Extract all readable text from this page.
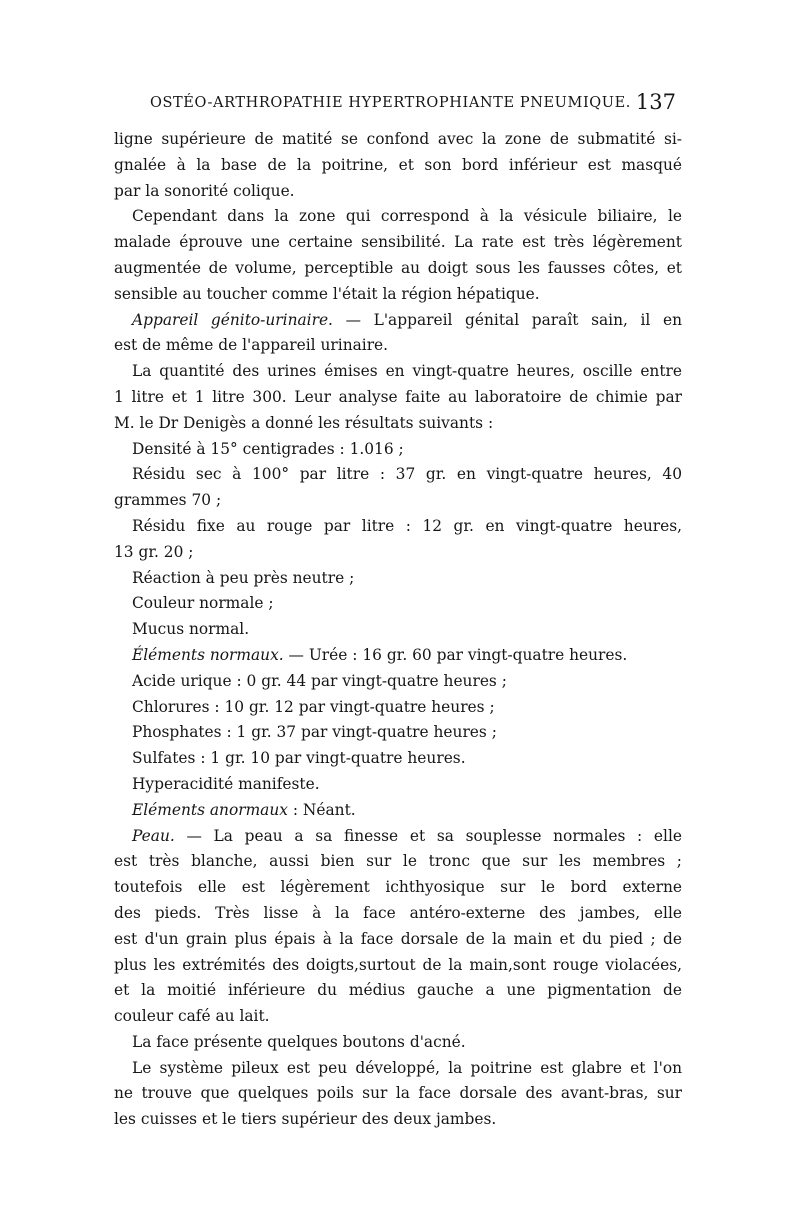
OSTÉO-ARTHROPATHIE HYPERTROPHIANTE PNEUMIQUE. 137
ligne supérieure de matité se confond avec la zone de submatité si-
gnalée à la base de la poitrine, et son bord inférieur est masqué
par la sonorité colique.
Cependant dans la zone qui correspond à la vésicule biliaire, le
malade éprouve une certaine sensibilité. La rate est très légèrement
augmentée de volume, perceptible au doigt sous les fausses côtes, et
sensible au toucher comme l'était la région hépatique.
Appareil génito-urinaire. — L'appareil génital paraît sain, il en
est de même de l'appareil urinaire.
La quantité des urines émises en vingt-quatre heures, oscille entre
1 litre et 1 litre 300. Leur analyse faite au laboratoire de chimie par
M. le Dr Denigès a donné les résultats suivants :
Densité à 15° centigrades : 1.016 ;
Résidu sec à 100° par litre : 37 gr. en vingt-quatre heures, 40
grammes 70 ;
Résidu fixe au rouge par litre : 12 gr. en vingt-quatre heures,
13 gr. 20 ;
Réaction à peu près neutre ;
Couleur normale ;
Mucus normal.
Éléments normaux. — Urée : 16 gr. 60 par vingt-quatre heures.
Acide urique : 0 gr. 44 par vingt-quatre heures ;
Chlorures : 10 gr. 12 par vingt-quatre heures ;
Phosphates : 1 gr. 37 par vingt-quatre heures ;
Sulfates : 1 gr. 10 par vingt-quatre heures.
Hyperacidité manifeste.
Eléments anormaux : Néant.
Peau. — La peau a sa finesse et sa souplesse normales : elle
est très blanche, aussi bien sur le tronc que sur les membres ;
toutefois elle est légèrement ichthyosique sur le bord externe
des pieds. Très lisse à la face antéro-externe des jambes, elle
est d'un grain plus épais à la face dorsale de la main et du pied ; de
plus les extrémités des doigts,surtout de la main,sont rouge violacées,
et la moitié inférieure du médius gauche a une pigmentation de
couleur café au lait.
La face présente quelques boutons d'acné.
Le système pileux est peu développé, la poitrine est glabre et l'on
ne trouve que quelques poils sur la face dorsale des avant-bras, sur
les cuisses et le tiers supérieur des deux jambes.
